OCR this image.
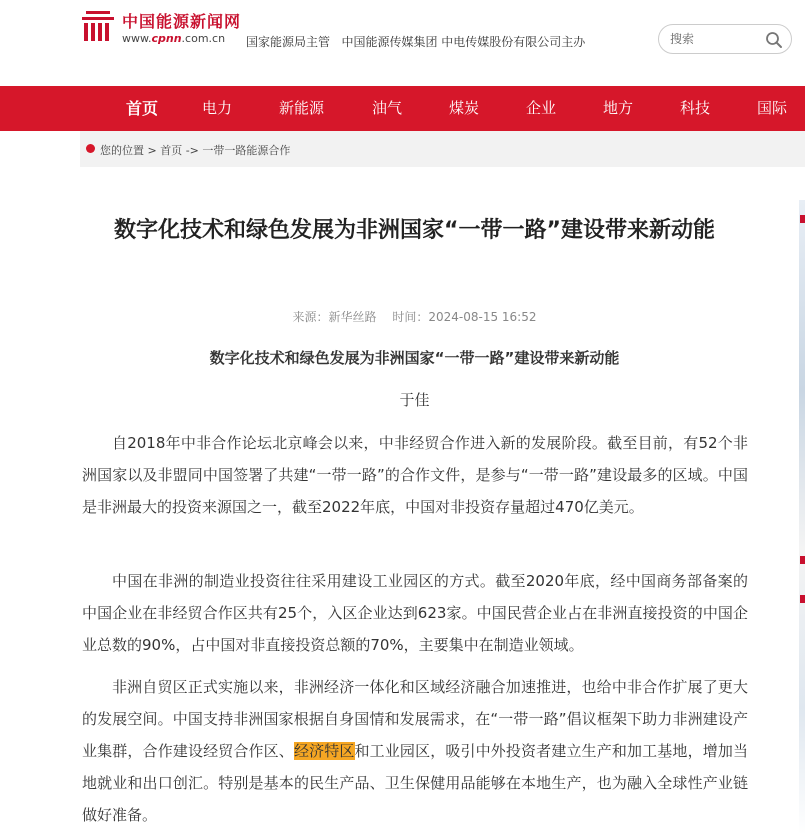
中国能源新闻网
www.cpnn.com.cn 国家能源局主管   中国能源传媒集团 中电传媒股份有限公司主办
搜索
首页	电力	新能源	油气	煤炭	企业	地方	科技	国际
您的位置 > 首页 -> 一带一路能源合作
数字化技术和绿色发展为非洲国家“一带一路”建设带来新动能
来源：新华丝路 时间：2024-08-15 16:52
数字化技术和绿色发展为非洲国家“一带一路”建设带来新动能
于佳

自2018年中非合作论坛北京峰会以来，中非经贸合作进入新的发展阶段。截至目前，有52个非洲国家以及非盟同中国签署了共建“一带一路”的合作文件，是参与“一带一路”建设最多的区域。中国是非洲最大的投资来源国之一，截至2022年底，中国对非投资存量超过470亿美元。

中国在非洲的制造业投资往往采用建设工业园区的方式。截至2020年底，经中国商务部备案的中国企业在非经贸合作区共有25个，入区企业达到623家。中国民营企业占在非洲直接投资的中国企业总数的90%，占中国对非直接投资总额的70%，主要集中在制造业领域。

非洲自贸区正式实施以来，非洲经济一体化和区域经济融合加速推进，也给中非合作扩展了更大的发展空间。中国支持非洲国家根据自身国情和发展需求，在“一带一路”倡议框架下助力非洲建设产业集群，合作建设经贸合作区、经济特区和工业园区，吸引中外投资者建立生产和加工基地，增加当地就业和出口创汇。特别是基本的民生产品、卫生保健用品能够在本地生产，也为融入全球性产业链做好准备。
